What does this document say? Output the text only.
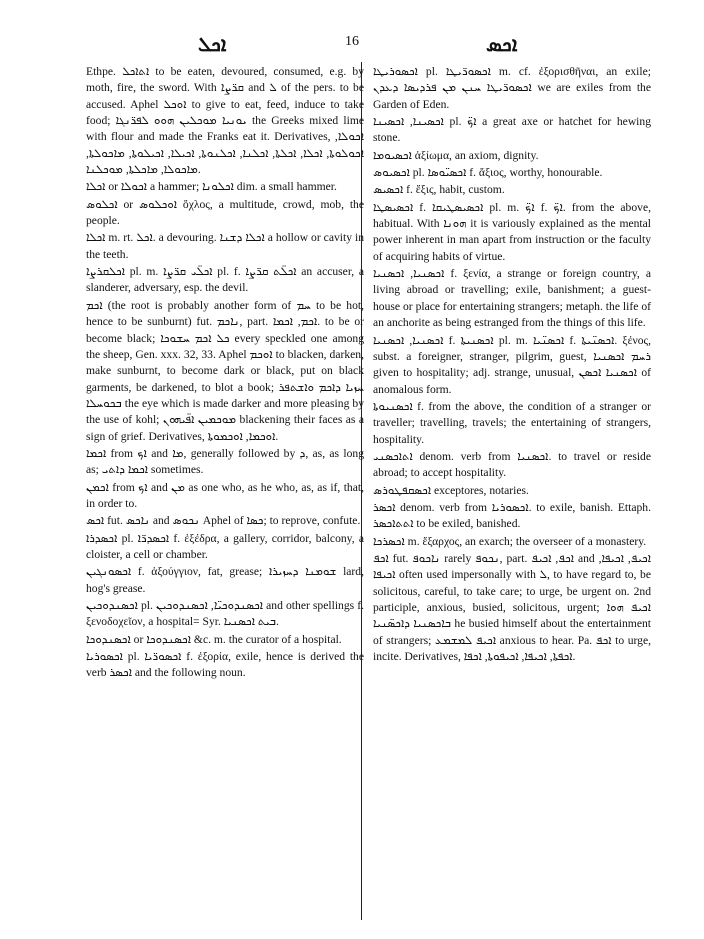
ܐܟܠ	16	ܐܟܣ

Ethpe. ܐܬܐܟܠ to be eaten, devoured, consumed, e.g. by moth, fire, the sword. With ܩܪ̈ܨܐ and ܠ of the pers. to be accused. Aphel ܐܘܟܠ to give to eat, feed, induce to take food; ܝܘܢܝܐ ܡܘܟܠܝܢ ܗܘܘ ܠܦܪ̈ܢܓܐ the Greeks mixed lime with flour and made the Franks eat it. Derivatives, ܐܟܘܠܐ, ܐܟܘܠܘܬܐ, ܐܟܠܐ, ܐܟܠܬܐ, ܐܟܠܢܐ, ܐܟܠܢܘܬܐ, ܐܟܝܠܐ, ܐܟܝܠܘܬܐ, ܡܐܟܘܠܬܐ, ܡܐܟܘܠܐ, ܡܐܟܠܬܐ, ܡܘܟܠܢܐ.

ܐܟܠܐ or ܐܟܘܠܐ a hammer; ܐܟܠܘܢܐ dim. a small hammer.

ܐܟܠܘܣ or ܐܘܟܠܘܣ ὄχλος, a multitude, crowd, mob, the people.

ܐܟܠܐ m. rt. ܐܟܠ. a devouring. ܐܟܠܐ ܕܫܢܐ a hollow or cavity in the teeth.

ܐܟܠܩܪܨܐ pl. m. ܐܟܠ̈ܝ ܩܪ̈ܨܐ pl. f. ܐܟܠ̈ܬ ܩܪ̈ܨܐ an accuser, a slanderer, adversary, esp. the devil.

ܐܟܡ (the root is probably another form of ܚܡ to be hot, hence to be sunburnt) fut. ܢܐܟܡ, part. ܐܟܡ, ܐܟܡܐ. to be or become black; ܟܠ ܐܟܡ ܚܫܘܟܐ every speckled one among the sheep, Gen. xxx. 32, 33. Aphel ܐܘܟܡ to blacken, darken, make sunburnt, to become dark or black, put on black garments, be darkened, to blot a book; ܚܙܝܐ ܕܐܟܡ ܘܐܫܬܦܪ ܒܟܘܚܠܐ the eye which is made darker and more pleasing by the use of kohl; ܡܘܟܡܝܢ ܐܦ̈ܝܗܘܢ blackening their faces as a sign of grief. Derivatives, ܐܘܟܡܐ, ܐܘܟܡܘܬܐ.

ܐܟܡܐ from ܐܟ and ܡܐ, generally followed by ܕ, as, as long as; ܐܟܡܐ ܕܐܬܝ sometimes.

ܐܟܡܢ from ܐܟ and ܡܢ as one who, as he who, as, as if, that, in order to.

ܐܟܣ fut. ܢܐܟܣ and ܢܟܘܣ Aphel of ܟܣܐ; to reprove, confute.

ܐܟܣܕܪܐ pl. ܐܟܣܕܪ̈ܐ f. ἐξέδρα, a gallery, corridor, balcony, a cloister, a cell or chamber.

ܐܟܣܘܢܓܝܢ f. ἀξούγγιον, fat, grease; ܫܘܡܢܐ ܕܚܙܝܪܐ lard, hog's grease.

ܐܟܣܢܕܘܟܝܢ pl. ܐܟܣܢܕܘܟܝ̈ܐ, ܐܟܣܢܕܘܟܝܢ and other spellings f. ξενοδοχεῖον, a hospital= Syr. ܒܝܬ ܐܟܣܢܝܐ.

ܐܟܣܢܕܘܟܐ or ܐܟܣܢܕܘܟܐ &c. m. the curator of a hospital.

ܐܟܣܘܪܝܐ pl. ܐܟܣܘܪ̈ܝܐ f. ἐξορία, exile, hence is derived the verb ܐܟܣܪ and the following noun.

ܐܟܣܘܪܝܛܐ pl. ܐܟܣܘܪ̈ܝܛܐ m. cf. ἐξορισθῆναι, an exile; ܐܟܣܘܪ̈ܝܛܐ ܚܢܢ ܡܢ ܦܪܕܝܣܐ ܕܥܕܢ we are exiles from the Garden of Eden.

ܐܟܣܝܢܐ, ܐܟܣܝܢܐ pl. ܐܟ̈ a great axe or hatchet for hewing stone.

ܐܟܣܝܘܡܐ ἀξίωμα, an axiom, dignity.

ܐܟܣܝܘܣ pl. ܐܟܣܝ̈ܘܣܐ f. ἄξιος, worthy, honourable.

ܐܟܣܝܣ f. ἕξις, habit, custom.

ܐܟܣܝܣܛܐ f. ܐܟܣܝܣܛܝܩܐ pl. m. ܐܟ̈ f. ܐܟ̈. from the above, habitual. With ܗܘܢܐ it is variously explained as the mental power inherent in man apart from instruction or the faculty of acquiring habits of virtue.

ܐܟܣܢܝܐ, ܐܟܣܢܝܐ f. ξενία, a strange or foreign country, a living abroad or travelling; exile, banishment; a guest-house or place for entertaining strangers; metaph. the life of an anchorite as being estranged from the things of this life.

ܐܟܣܢܝܐ, ܐܟܣܢܝܐ f. ܐܟܣܢܝܬܐ pl. m. ܐܟܣܢ̈ܝܐ f. ܐܟܣܢ̈ܝܬܐ. ξένος, subst. a foreigner, stranger, pilgrim, guest, ܪܚܡ ܐܟܣܢܝܐ given to hospitality; adj. strange, unusual, ܐܟܣܢܝܐ ܐܟܣܢ of anomalous form.

ܐܟܣܢܝܘܬܐ f. from the above, the condition of a stranger or traveller; travelling, travels; the entertaining of strangers, hospitality.

ܐܬܐܟܣܢܝ denom. verb from ܐܟܣܢܝܐ. to travel or reside abroad; to accept hospitality.

ܐܟܣܩܦܛܘܪܣ exceptores, notaries.

ܐܟܣܪ denom. verb from ܐܟܣܘܪܝܐ. to exile, banish. Ettaph. ܐܬܬܐܟܣܪ to be exiled, banished.

ܐܟܣܪܟܐ m. ἔξαρχος, an exarch; the overseer of a monastery.

ܐܟܦ fut. ܢܐܟܘܦ rarely ܢܟܘܦ, part. ܐܟܦ, ܐܟܝܦ and ܐܟܝܦ, ܐܟܝܦܐ, ܐܟܝܦܐ often used impersonally with ܠ, to have regard to, be solicitous, careful, to take care; to urge, be urgent on. 2nd participle, anxious, busied, solicitous, urgent; ܐܟܝܦ ܗܘܐ ܒܐܟܣܢܝܐ ܕܐܟܣ̈ܢܝܐ he busied himself about the entertainment of strangers; ܐܟܝܦ ܠܡܫܡܥ anxious to hear. Pa. ܐܟܦ to urge, incite. Derivatives, ܐܟܦܬܐ, ܐܟܝܦܐ, ܐܟܝܦܘܬܐ, ܐܟܦܐ.
